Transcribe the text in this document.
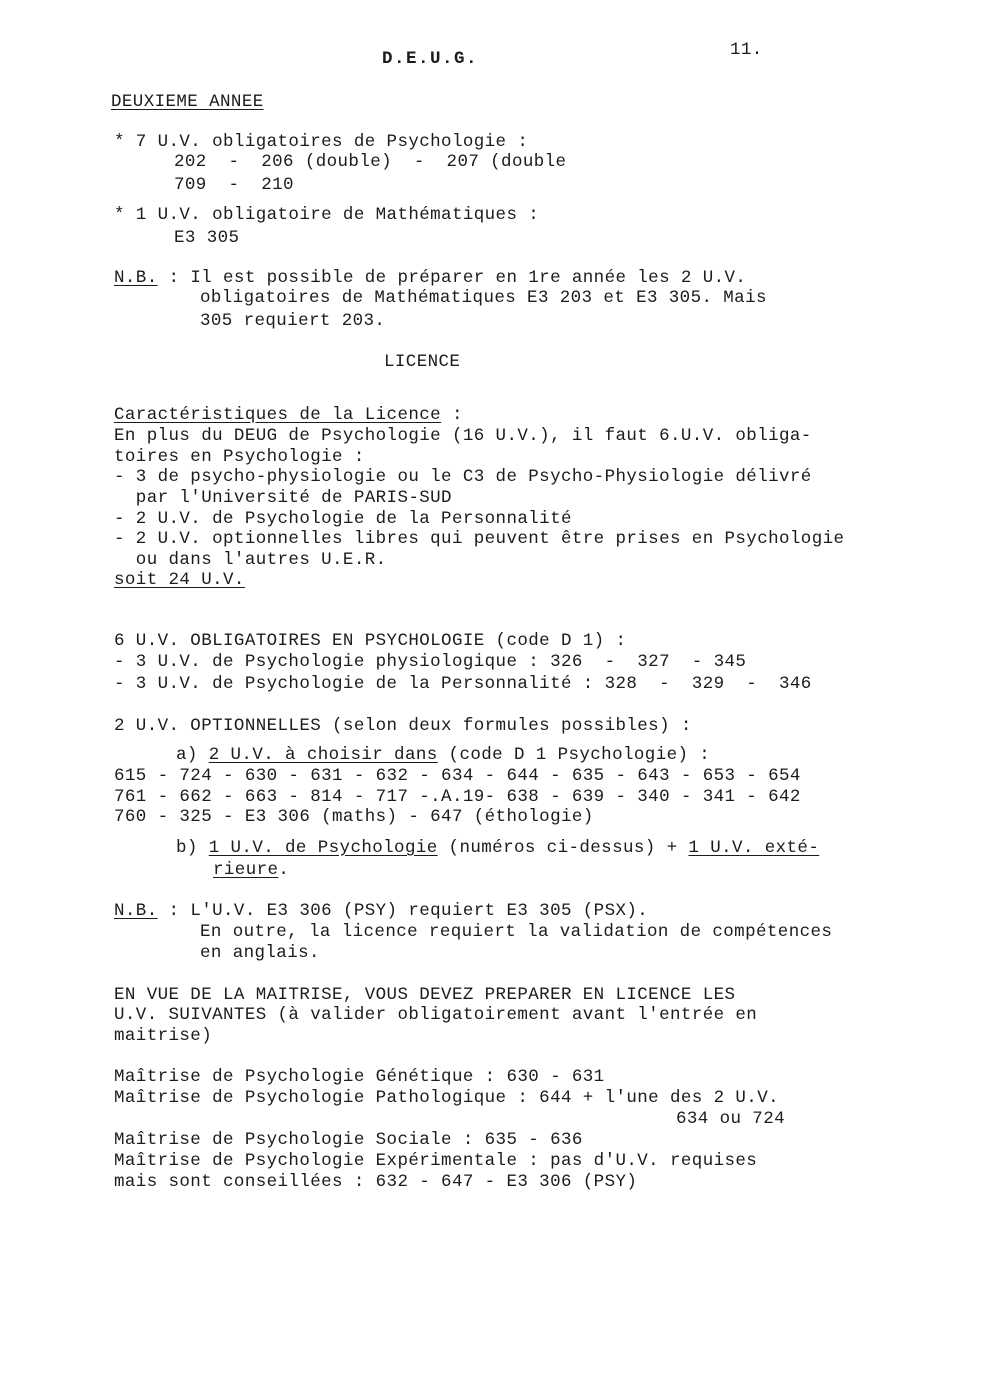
D.E.U.G.	11.
DEUXIEME ANNEE
* 7 U.V. obligatoires de Psychologie :
202  -  206 (double)  -  207 (double
709  -  210
* 1 U.V. obligatoire de Mathématiques :
E3 305
N.B. : Il est possible de préparer en 1re année les 2 U.V.
obligatoires de Mathématiques E3 203 et E3 305. Mais
305 requiert 203.
LICENCE
Caractéristiques de la Licence :
En plus du DEUG de Psychologie (16 U.V.), il faut 6.U.V. obliga-
toires en Psychologie :
- 3 de psycho-physiologie ou le C3 de Psycho-Physiologie délivré
par l'Université de PARIS-SUD
- 2 U.V. de Psychologie de la Personnalité
- 2 U.V. optionnelles libres qui peuvent être prises en Psychologie
ou dans l'autres U.E.R.
soit 24 U.V.
6 U.V. OBLIGATOIRES EN PSYCHOLOGIE (code D 1) :
- 3 U.V. de Psychologie physiologique : 326  -  327  - 345
- 3 U.V. de Psychologie de la Personnalité : 328  -  329  -  346
2 U.V. OPTIONNELLES (selon deux formules possibles) :
a) 2 U.V. à choisir dans (code D 1 Psychologie) :
615 - 724 - 630 - 631 - 632 - 634 - 644 - 635 - 643 - 653 - 654
761 - 662 - 663 - 814 - 717 -.A.19- 638 - 639 - 340 - 341 - 642
760 - 325 - E3 306 (maths) - 647 (éthologie)
b) 1 U.V. de Psychologie (numéros ci-dessus) + 1 U.V. exté-
rieure.
N.B. : L'U.V. E3 306 (PSY) requiert E3 305 (PSX).
En outre, la licence requiert la validation de compétences
en anglais.
EN VUE DE LA MAITRISE, VOUS DEVEZ PREPARER EN LICENCE LES
U.V. SUIVANTES (à valider obligatoirement avant l'entrée en
maitrise)
Maîtrise de Psychologie Génétique : 630 - 631
Maîtrise de Psychologie Pathologique : 644 + l'une des 2 U.V.
634 ou 724
Maîtrise de Psychologie Sociale : 635 - 636
Maîtrise de Psychologie Expérimentale : pas d'U.V. requises
mais sont conseillées : 632 - 647 - E3 306 (PSY)
